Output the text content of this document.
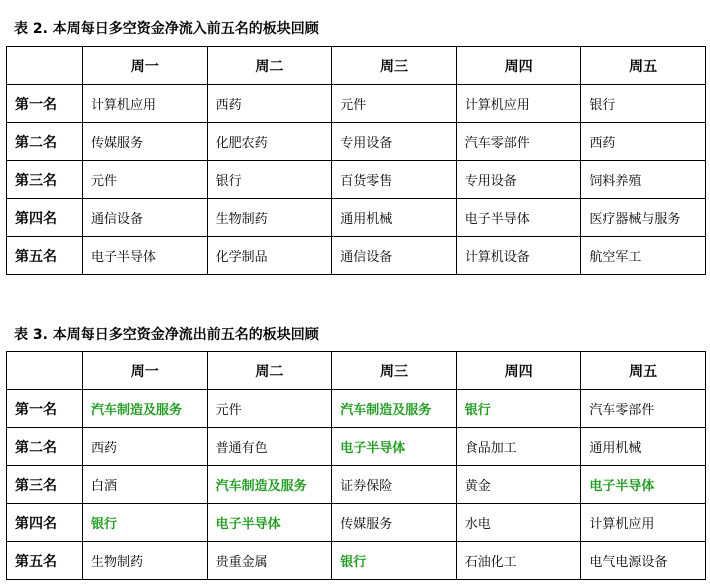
表 2. 本周每日多空资金净流入前五名的板块回顾
	周一	周二	周三	周四	周五
第一名	计算机应用	西药	元件	计算机应用	银行
第二名	传媒服务	化肥农药	专用设备	汽车零部件	西药
第三名	元件	银行	百货零售	专用设备	饲料养殖
第四名	通信设备	生物制药	通用机械	电子半导体	医疗器械与服务
第五名	电子半导体	化学制品	通信设备	计算机设备	航空军工
表 3. 本周每日多空资金净流出前五名的板块回顾
	周一	周二	周三	周四	周五
第一名	汽车制造及服务	元件	汽车制造及服务	银行	汽车零部件
第二名	西药	普通有色	电子半导体	食品加工	通用机械
第三名	白酒	汽车制造及服务	证券保险	黄金	电子半导体
第四名	银行	电子半导体	传媒服务	水电	计算机应用
第五名	生物制药	贵重金属	银行	石油化工	电气电源设备
